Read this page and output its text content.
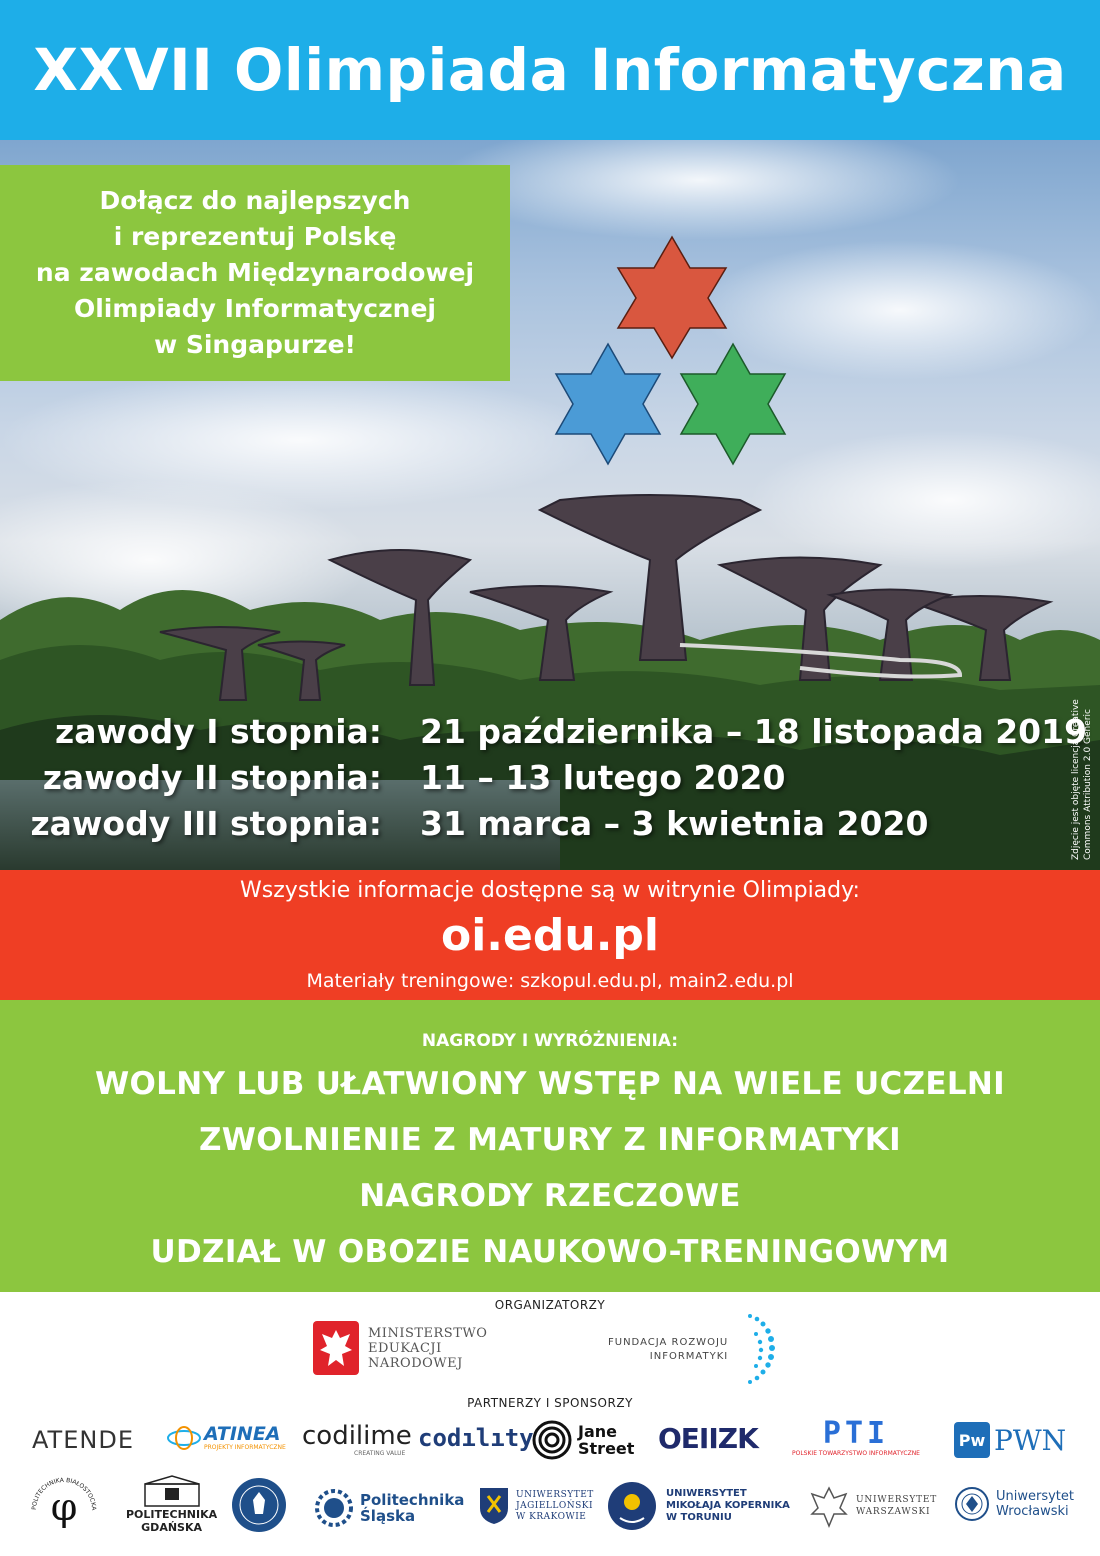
XXVII Olimpiada Informatyczna
Dołącz do najlepszych
i reprezentuj Polskę
na zawodach Międzynarodowej
Olimpiady Informatycznej
w Singapurze!
zawody I stopnia: 21 października – 18 listopada 2019
zawody II stopnia: 11 – 13 lutego 2020
zawody III stopnia: 31 marca – 3 kwietnia 2020	Zdjęcie jest objęte licencją Creative Commons Attribution 2.0 Generic
Wszystkie informacje dostępne są w witrynie Olimpiady:
oi.edu.pl
Materiały treningowe: szkopul.edu.pl, main2.edu.pl
NAGRODY I WYRÓŻNIENIA:
WOLNY LUB UŁATWIONY WSTĘP NA WIELE UCZELNI
ZWOLNIENIE Z MATURY Z INFORMATYKI
NAGRODY RZECZOWE
UDZIAŁ W OBOZIE NAUKOWO-TRENINGOWYM
ORGANIZATORZY
MINISTERSTWO
EDUKACJI
NARODOWEJ
FUNDACJA ROZWOJU
INFORMATYKI
PARTNERZY I SPONSORZY
ATENDE	ATINEA
PROJEKTY INFORMATYCZNE codilime
CREATING VALUE
codılıty	Jane
Street OEIIZK PTI
POLSKIE TOWARZYSTWO INFORMATYCZNE
Pw PWN
POLITECHNIKA BIAŁOSTOCKA
φ	POLITECHNIKA
GDAŃSKA
Politechnika
Śląska
UNIWERSYTET
JAGIELLOŃSKI
W KRAKOWIE
UNIWERSYTET
MIKOŁAJA KOPERNIKA
W TORUNIU
UNIWERSYTET
WARSZAWSKI
Uniwersytet
Wrocławski
